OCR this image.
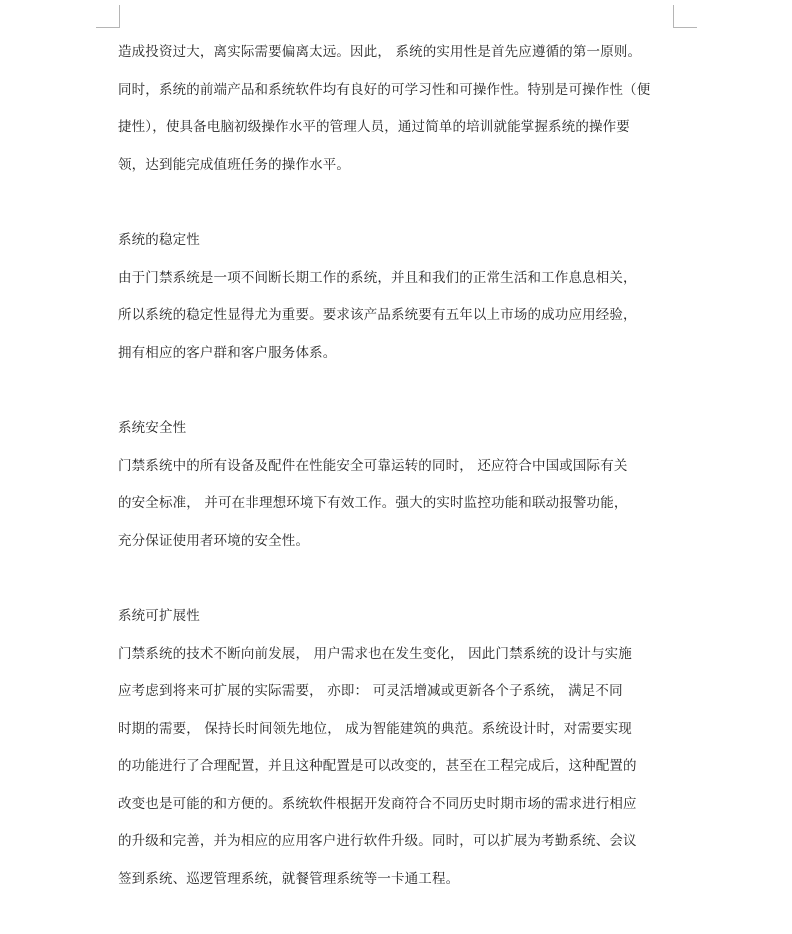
造成投资过大，离实际需要偏离太远。因此， 系统的实用性是首先应遵循的第一原则。
同时，系统的前端产品和系统软件均有良好的可学习性和可操作性。特别是可操作性（便
捷性），使具备电脑初级操作水平的管理人员，通过简单的培训就能掌握系统的操作要
领，达到能完成值班任务的操作水平。

系统的稳定性

由于门禁系统是一项不间断长期工作的系统，并且和我们的正常生活和工作息息相关，
所以系统的稳定性显得尤为重要。要求该产品系统要有五年以上市场的成功应用经验，
拥有相应的客户群和客户服务体系。

系统安全性

门禁系统中的所有设备及配件在性能安全可靠运转的同时， 还应符合中国或国际有关
的安全标准， 并可在非理想环境下有效工作。强大的实时监控功能和联动报警功能，
充分保证使用者环境的安全性。

系统可扩展性

门禁系统的技术不断向前发展， 用户需求也在发生变化， 因此门禁系统的设计与实施
应考虑到将来可扩展的实际需要， 亦即： 可灵活增减或更新各个子系统， 满足不同
时期的需要， 保持长时间领先地位， 成为智能建筑的典范。系统设计时，对需要实现
的功能进行了合理配置，并且这种配置是可以改变的，甚至在工程完成后，这种配置的
改变也是可能的和方便的。系统软件根据开发商符合不同历史时期市场的需求进行相应
的升级和完善，并为相应的应用客户进行软件升级。同时，可以扩展为考勤系统、会议
签到系统、巡逻管理系统，就餐管理系统等一卡通工程。
